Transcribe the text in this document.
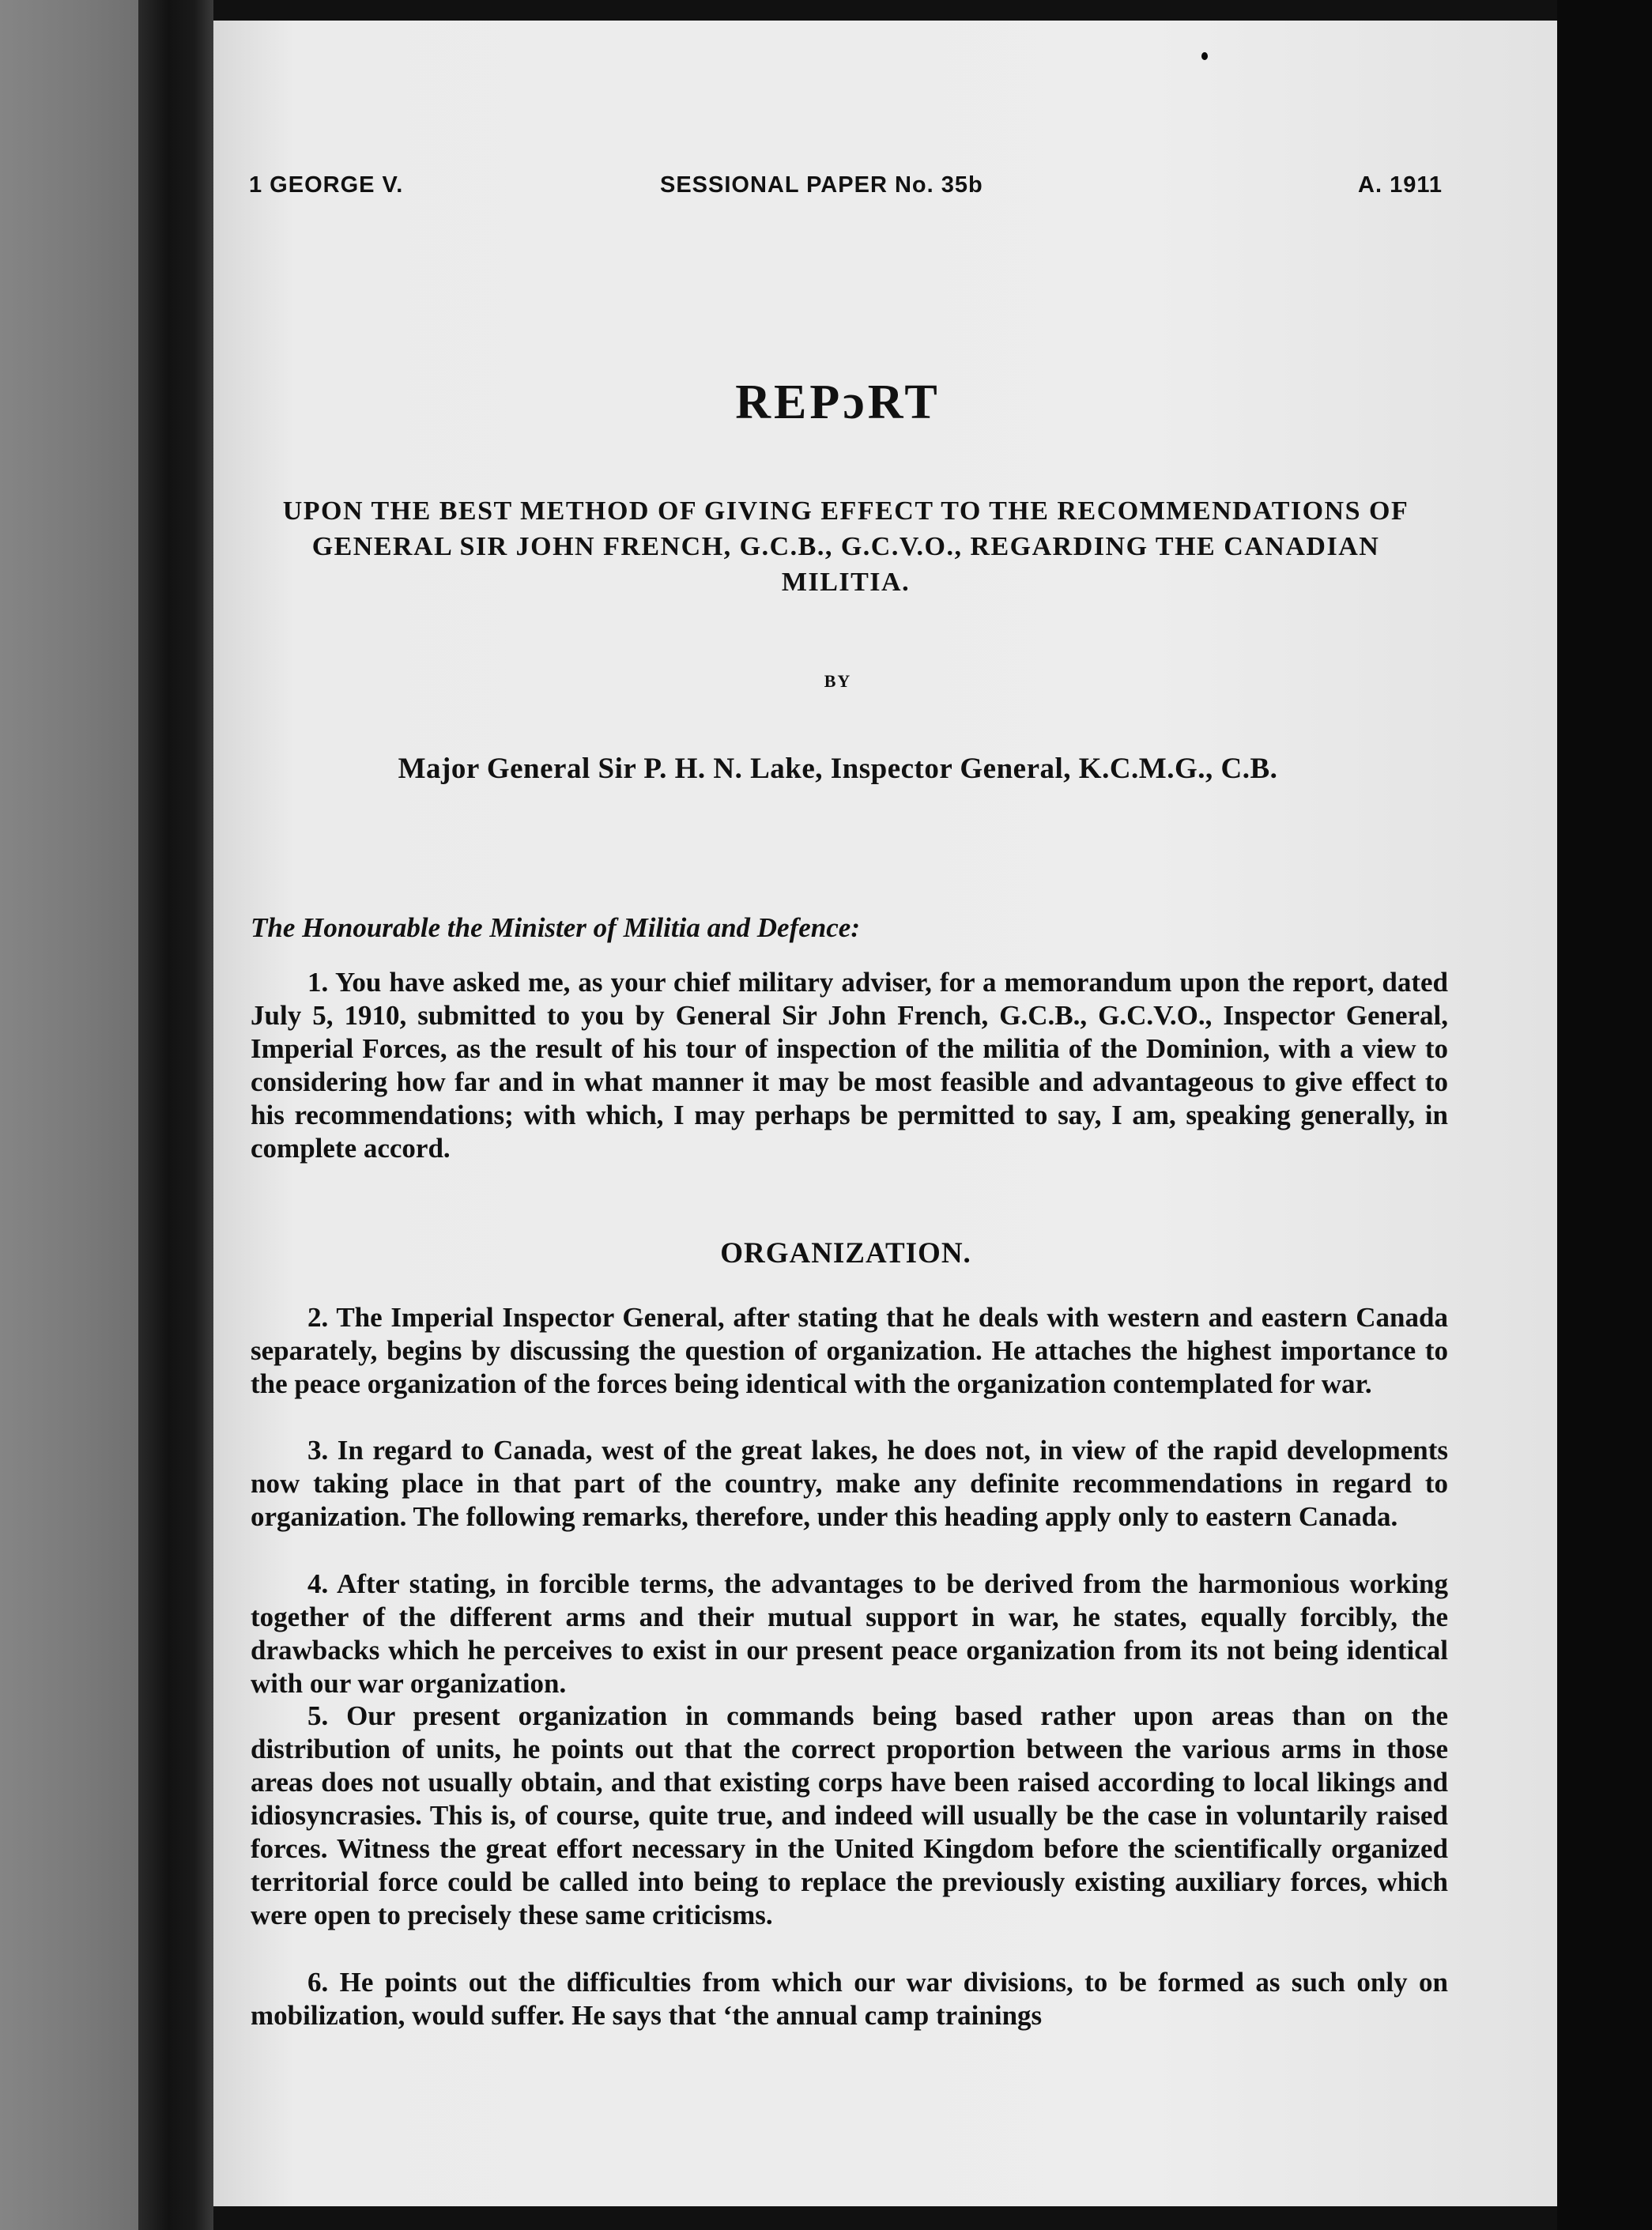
1 GEORGE V.	SESSIONAL PAPER No. 35b	A. 1911
REPɔRT
UPON THE BEST METHOD OF GIVING EFFECT TO THE RECOMMENDATIONS OF GENERAL SIR JOHN FRENCH, G.C.B., G.C.V.O., REGARDING THE CANADIAN MILITIA.
BY
Major General Sir P. H. N. Lake, Inspector General, K.C.M.G., C.B.
The Honourable the Minister of Militia and Defence:

1. You have asked me, as your chief military adviser, for a memorandum upon the report, dated July 5, 1910, submitted to you by General Sir John French, G.C.B., G.C.V.O., Inspector General, Imperial Forces, as the result of his tour of inspection of the militia of the Dominion, with a view to considering how far and in what manner it may be most feasible and advantageous to give effect to his recommendations; with which, I may perhaps be permitted to say, I am, speaking generally, in complete accord.

ORGANIZATION.

2. The Imperial Inspector General, after stating that he deals with western and eastern Canada separately, begins by discussing the question of organization. He attaches the highest importance to the peace organization of the forces being identical with the organization contemplated for war.

3. In regard to Canada, west of the great lakes, he does not, in view of the rapid developments now taking place in that part of the country, make any definite recommendations in regard to organization. The following remarks, therefore, under this heading apply only to eastern Canada.

4. After stating, in forcible terms, the advantages to be derived from the harmonious working together of the different arms and their mutual support in war, he states, equally forcibly, the drawbacks which he perceives to exist in our present peace organization from its not being identical with our war organization.

5. Our present organization in commands being based rather upon areas than on the distribution of units, he points out that the correct proportion between the various arms in those areas does not usually obtain, and that existing corps have been raised according to local likings and idiosyncrasies. This is, of course, quite true, and indeed will usually be the case in voluntarily raised forces. Witness the great effort necessary in the United Kingdom before the scientifically organized territorial force could be called into being to replace the previously existing auxiliary forces, which were open to precisely these same criticisms.

6. He points out the difficulties from which our war divisions, to be formed as such only on mobilization, would suffer. He says that ‘the annual camp trainings
